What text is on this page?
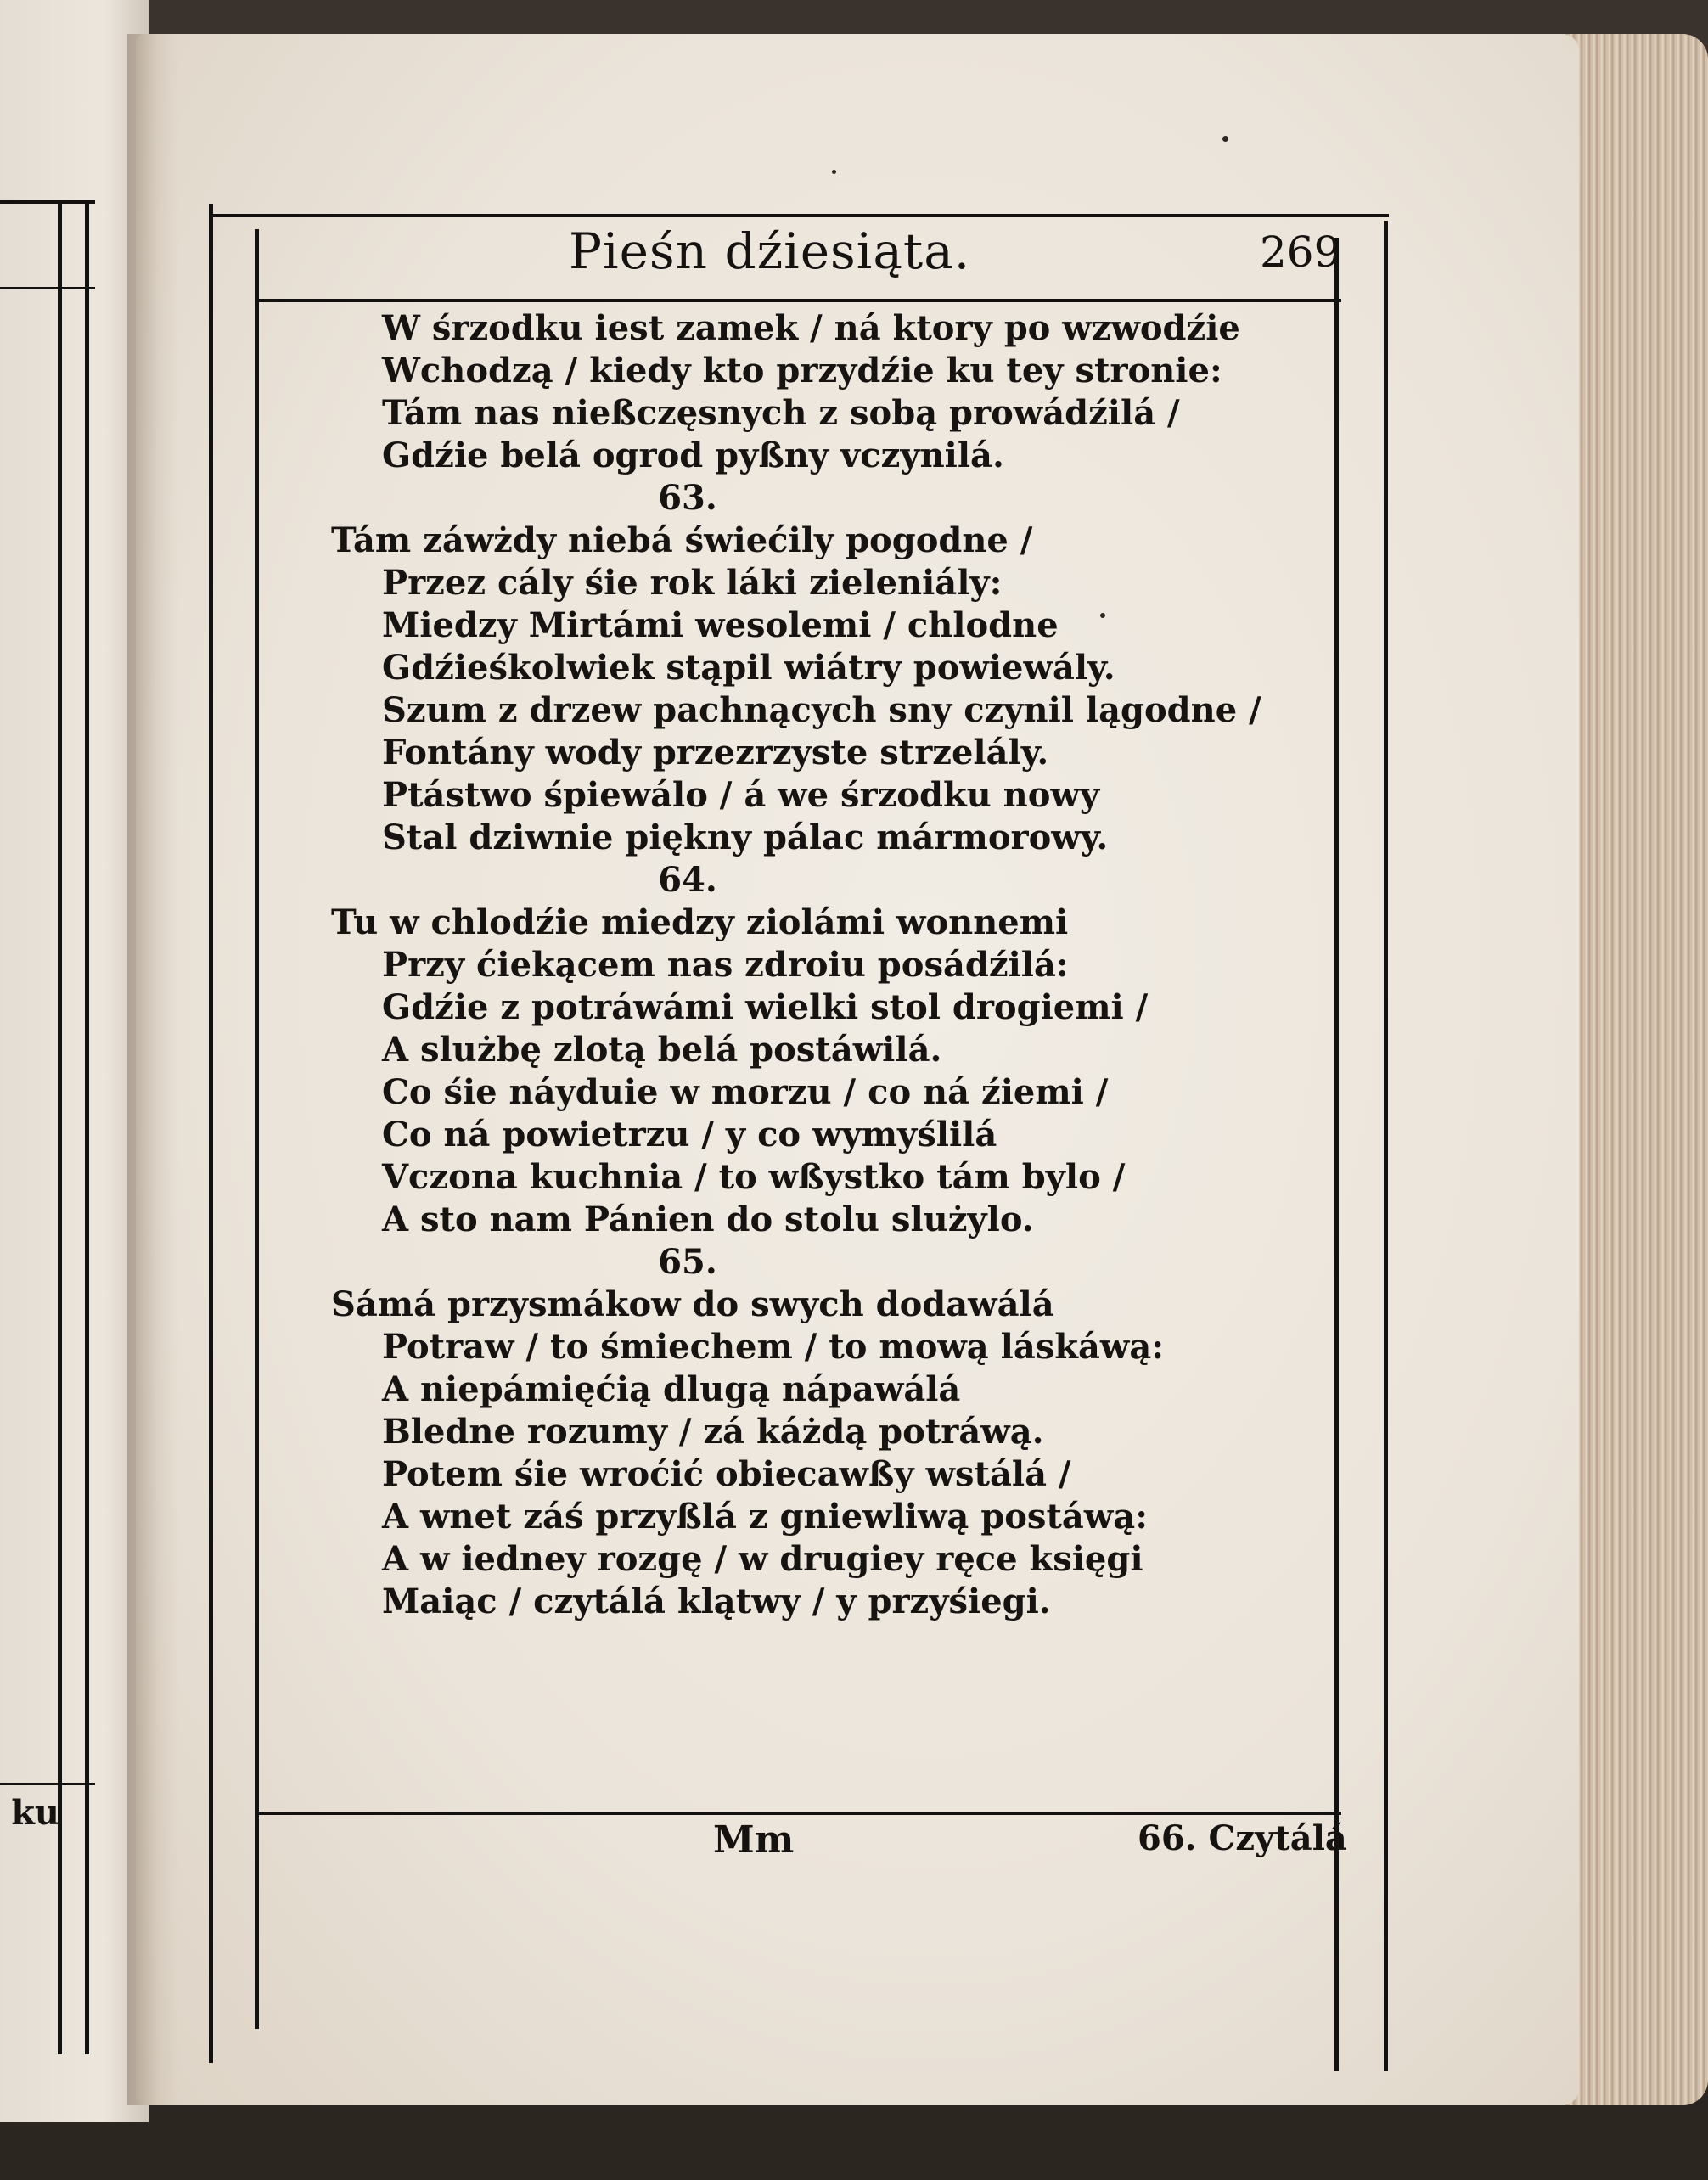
ku
Pieśn dźiesiąta.	269
W śrzodku iest zamek / ná ktory po wzwodźie
Wchodzą / kiedy kto przydźie ku tey stronie:
Tám nas nießczęsnych z sobą prowádźilá /
Gdźie belá ogrod pyßny vczynilá.
63.
Tám záwżdy niebá świećily pogodne /
Przez cály śie rok láki zieleniály:
Miedzy Mirtámi wesolemi / chlodne
Gdźieśkolwiek stąpil wiátry powiewály.
Szum z drzew pachnących sny czynil lągodne /
Fontány wody przezrzyste strzelály.
Ptástwo śpiewálo / á we śrzodku nowy
Stal dziwnie piękny pálac mármorowy.
64.
Tu w chlodźie miedzy ziolámi wonnemi
Przy ćiekącem nas zdroiu posádźilá:
Gdźie z potráwámi wielki stol drogiemi /
A slużbę zlotą belá postáwilá.
Co śie náyduie w morzu / co ná źiemi /
Co ná powietrzu / y co wymyślilá
Vczona kuchnia / to wßystko tám bylo /
A sto nam Pánien do stolu slużylo.
65.
Sámá przysmákow do swych dodawálá
Potraw / to śmiechem / to mową láskáwą:
A niepámięćią dlugą nápawálá
Bledne rozumy / zá káżdą potráwą.
Potem śie wroćić obiecawßy wstálá /
A wnet záś przyßlá z gniewliwą postáwą:
A w iedney rozgę / w drugiey ręce księgi
Maiąc / czytálá klątwy / y przyśiegi.
Mm	66. Czytálá
